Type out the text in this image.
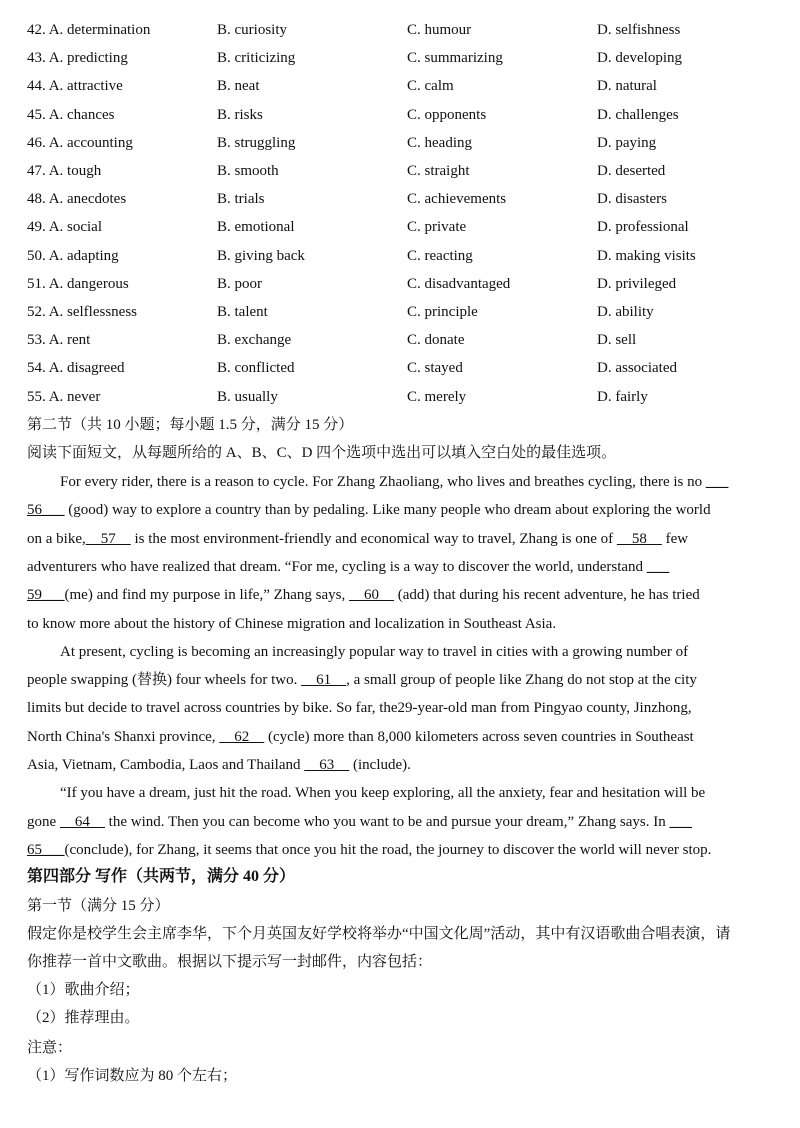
42. A. determination	B. curiosity	C. humour	D. selfishness
43. A. predicting	B. criticizing	C. summarizing	D. developing
44. A. attractive	B. neat	C. calm	D. natural
45. A. chances	B. risks	C. opponents	D. challenges
46. A. accounting	B. struggling	C. heading	D. paying
47. A. tough	B. smooth	C. straight	D. deserted
48. A. anecdotes	B. trials	C. achievements	D. disasters
49. A. social	B. emotional	C. private	D. professional
50. A. adapting	B. giving back	C. reacting	D. making visits
51. A. dangerous	B. poor	C. disadvantaged	D. privileged
52. A. selflessness	B. talent	C. principle	D. ability
53. A. rent	B. exchange	C. donate	D. sell
54. A. disagreed	B. conflicted	C. stayed	D. associated
55. A. never	B. usually	C. merely	D. fairly
第二节（共 10 小题；每小题 1.5 分，满分 15 分）
阅读下面短文，从每题所给的 A、B、C、D 四个选项中选出可以填入空白处的最佳选项。
For every rider, there is a reason to cycle. For Zhang Zhaoliang, who lives and breathes cycling, there is no ___
56___ (good) way to explore a country than by pedaling. Like many people who dream about exploring the world
on a bike,    57     is the most environment-friendly and economical way to travel, Zhang is one of     58     few
adventurers who have realized that dream. “For me, cycling is a way to discover the world, understand ___
59___(me) and find my purpose in life,” Zhang says,     60     (add) that during his recent adventure, he has tried
to know more about the history of Chinese migration and localization in Southeast Asia.
At present, cycling is becoming an increasingly popular way to travel in cities with a growing number of
people swapping (替换) four wheels for two.     61    , a small group of people like Zhang do not stop at the city
limits but decide to travel across countries by bike. So far, the29-year-old man from Pingyao county, Jinzhong,
North China's Shanxi province,     62     (cycle) more than 8,000 kilometers across seven countries in Southeast
Asia, Vietnam, Cambodia, Laos and Thailand     63     (include).
“If you have a dream, just hit the road. When you keep exploring, all the anxiety, fear and hesitation will be
gone     64     the wind. Then you can become who you want to be and pursue your dream,” Zhang says. In ___
65___(conclude), for Zhang, it seems that once you hit the road, the journey to discover the world will never stop.
第四部分 写作（共两节，满分 40 分）
第一节（满分 15 分）
假定你是校学生会主席李华，下个月英国友好学校将举办“中国文化周”活动，其中有汉语歌曲合唱表演，请
你推荐一首中文歌曲。根据以下提示写一封邮件，内容包括：
（1）歌曲介绍；
（2）推荐理由。
注意：
（1）写作词数应为 80 个左右；
